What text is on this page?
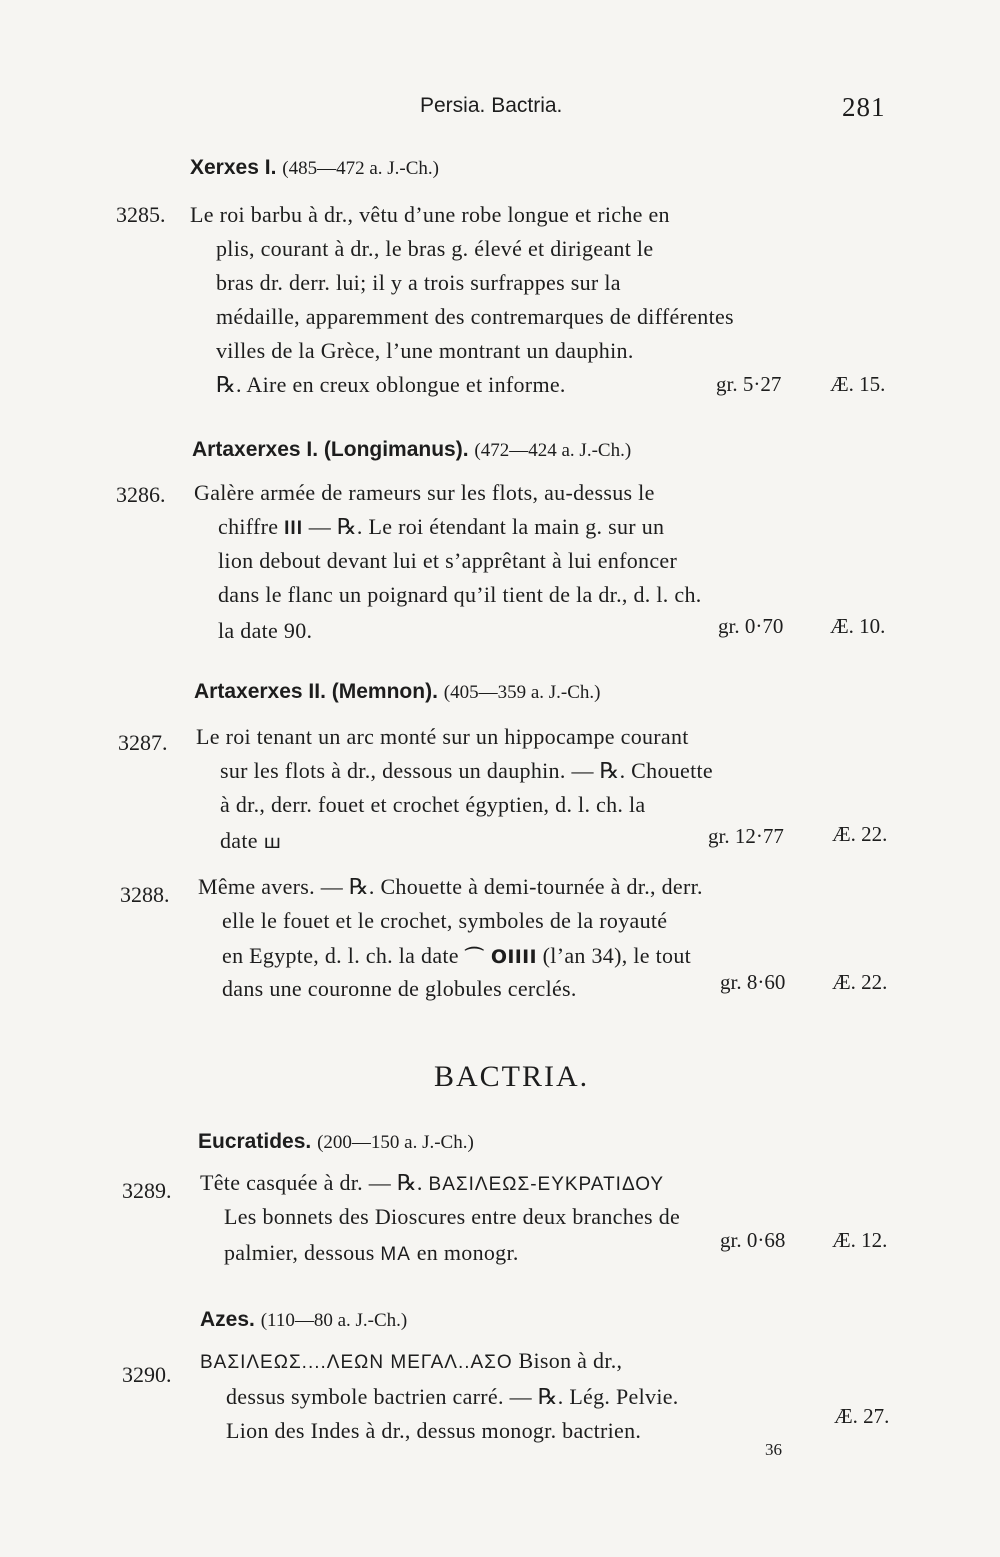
Persia. Bactria.	281
Xerxes I. (485—472 a. J.-Ch.)
3285. Le roi barbu à dr., vêtu d’une robe longue et riche en
plis, courant à dr., le bras g. élevé et dirigeant le
bras dr. derr. lui; il y a trois surfrappes sur la
médaille, apparemment des contremarques de différentes
villes de la Grèce, l’une montrant un dauphin.
℞. Aire en creux oblongue et informe.	gr. 5·27 Æ. 15.
Artaxerxes I. (Longimanus). (472—424 a. J.-Ch.)
3286. Galère armée de rameurs sur les flots, au-dessus le
chiffre III — ℞. Le roi étendant la main g. sur un
lion debout devant lui et s’apprêtant à lui enfoncer
dans le flanc un poignard qu’il tient de la dr., d. l. ch.
la date 90.	gr. 0·70 Æ. 10.
Artaxerxes II. (Memnon). (405—359 a. J.-Ch.)
3287. Le roi tenant un arc monté sur un hippocampe courant
sur les flots à dr., dessous un dauphin. — ℞. Chouette
à dr., derr. fouet et crochet égyptien, d. l. ch. la
date ꟺ	gr. 12·77 Æ. 22.
3288. Même avers. — ℞. Chouette à demi-tournée à dr., derr.
elle le fouet et le crochet, symboles de la royauté
en Egypte, d. l. ch. la date ⌒ OIIII (l’an 34), le tout
dans une couronne de globules cerclés.	gr. 8·60 Æ. 22.
BACTRIA.
Eucratides. (200—150 a. J.-Ch.)
3289. Tête casquée à dr. — ℞. ΒΑΣΙΛΕΩΣ-ΕΥΚΡΑΤΙΔΟΥ
Les bonnets des Dioscures entre deux branches de
palmier, dessous MA en monogr.	gr. 0·68 Æ. 12.
Azes. (110—80 a. J.-Ch.)
3290. ΒΑΣΙΛΕΩΣ....ΛΕΩΝ ΜΕΓΑΛ..ΑΣΟ Bison à dr.,
dessus symbole bactrien carré. — ℞. Lég. Pelvie.
Lion des Indes à dr., dessus monogr. bactrien.
Æ. 27.
36
